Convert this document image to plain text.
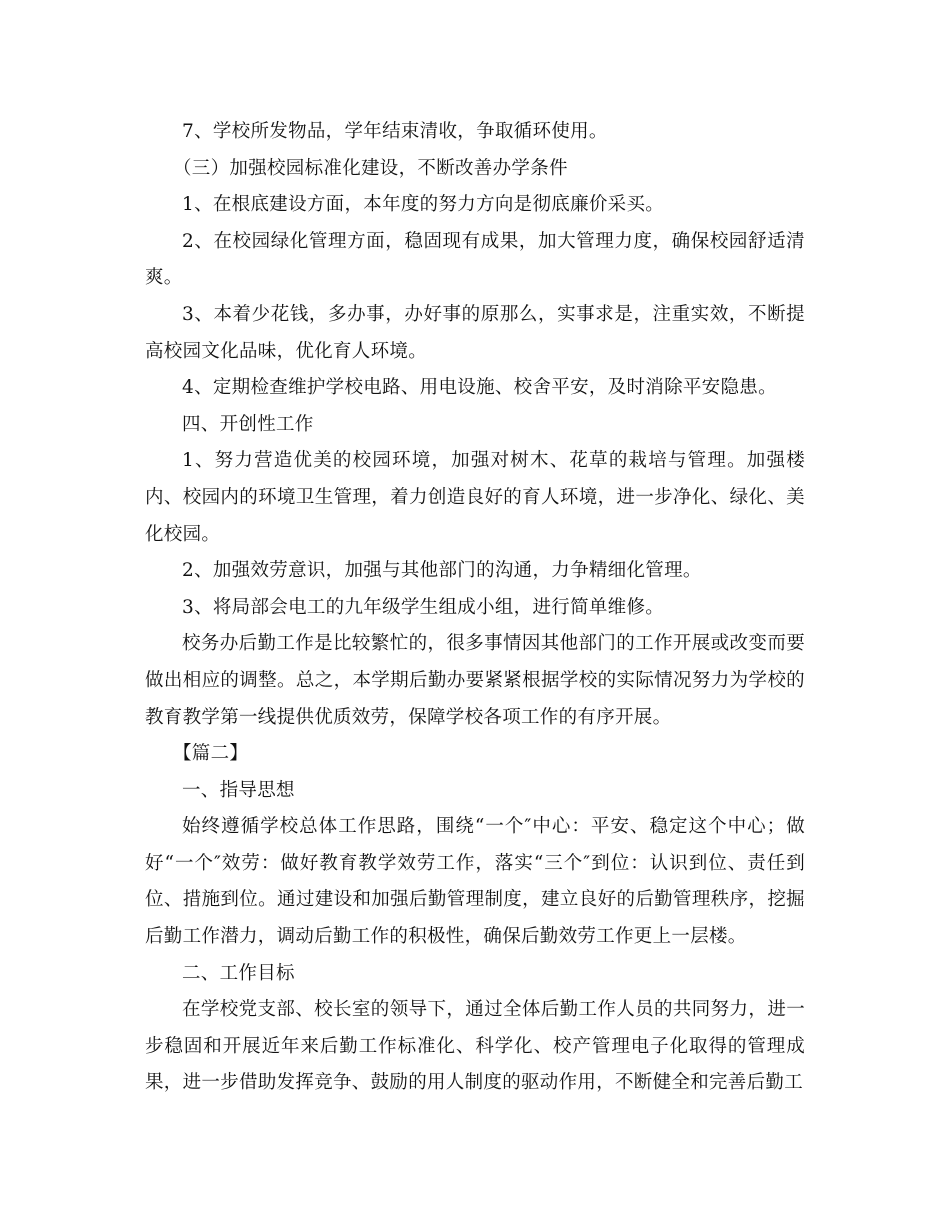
7、学校所发物品，学年结束清收，争取循环使用。

（三）加强校园标准化建设，不断改善办学条件

1、在根底建设方面，本年度的努力方向是彻底廉价采买。

2、在校园绿化管理方面，稳固现有成果，加大管理力度，确保校园舒适清爽。

3、本着少花钱，多办事，办好事的原那么，实事求是，注重实效，不断提高校园文化品味，优化育人环境。

4、定期检查维护学校电路、用电设施、校舍平安，及时消除平安隐患。

四、开创性工作

1、努力营造优美的校园环境，加强对树木、花草的栽培与管理。加强楼内、校园内的环境卫生管理，着力创造良好的育人环境，进一步净化、绿化、美化校园。

2、加强效劳意识，加强与其他部门的沟通，力争精细化管理。

3、将局部会电工的九年级学生组成小组，进行简单维修。

校务办后勤工作是比较繁忙的，很多事情因其他部门的工作开展或改变而要做出相应的调整。总之，本学期后勤办要紧紧根据学校的实际情况努力为学校的教育教学第一线提供优质效劳，保障学校各项工作的有序开展。

【篇二】

一、指导思想

始终遵循学校总体工作思路，围绕“一个″中心：平安、稳定这个中心；做好“一个″效劳：做好教育教学效劳工作，落实“三个″到位：认识到位、责任到位、措施到位。通过建设和加强后勤管理制度，建立良好的后勤管理秩序，挖掘后勤工作潜力，调动后勤工作的积极性，确保后勤效劳工作更上一层楼。

二、工作目标

在学校党支部、校长室的领导下，通过全体后勤工作人员的共同努力，进一步稳固和开展近年来后勤工作标准化、科学化、校产管理电子化取得的管理成果，进一步借助发挥竞争、鼓励的用人制度的驱动作用，不断健全和完善后勤工
